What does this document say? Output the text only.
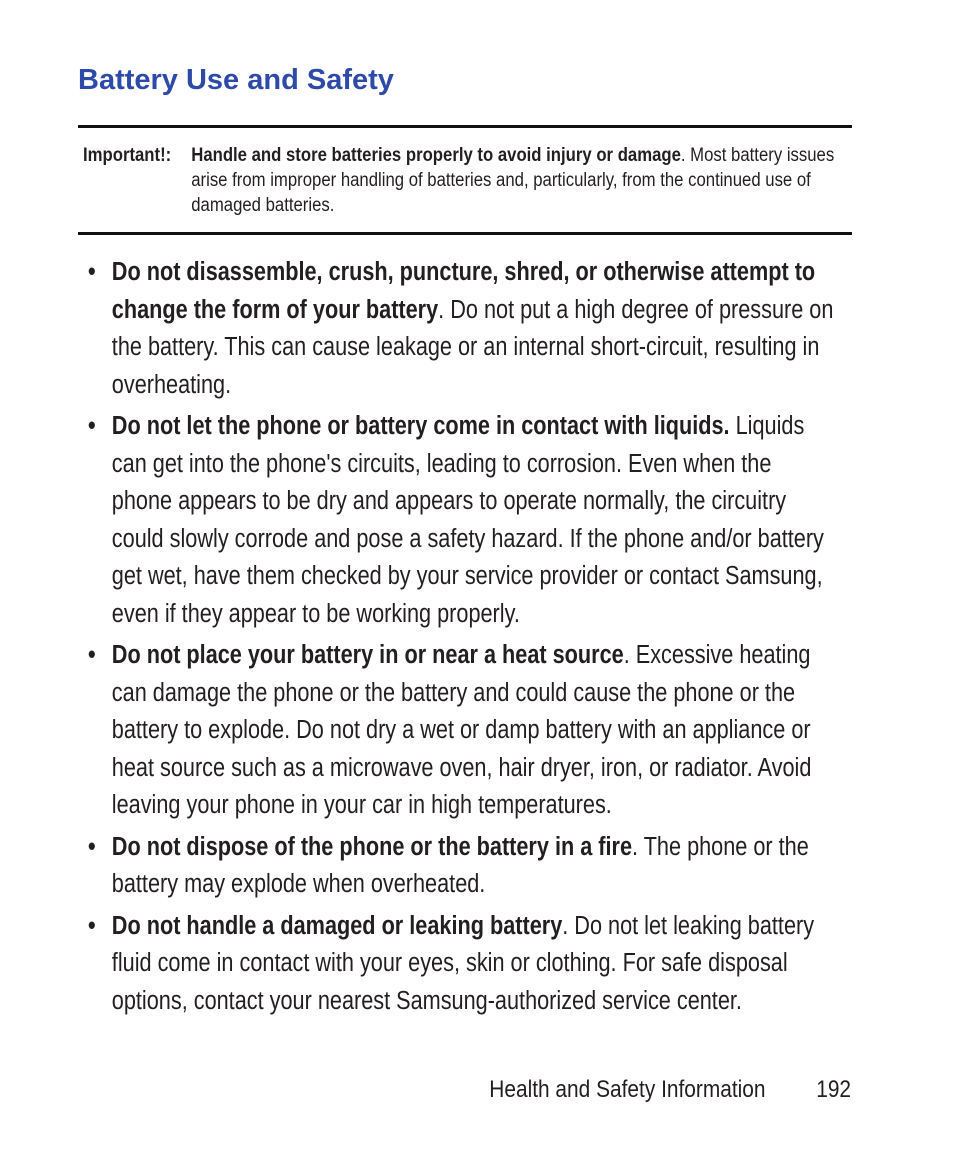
Battery Use and Safety
Important!: Handle and store batteries properly to avoid injury or damage. Most battery issues arise from improper handling of batteries and, particularly, from the continued use of damaged batteries.
• Do not disassemble, crush, puncture, shred, or otherwise attempt to change the form of your battery. Do not put a high degree of pressure on the battery. This can cause leakage or an internal short-circuit, resulting in overheating.
• Do not let the phone or battery come in contact with liquids. Liquids can get into the phone's circuits, leading to corrosion. Even when the phone appears to be dry and appears to operate normally, the circuitry could slowly corrode and pose a safety hazard. If the phone and/or battery get wet, have them checked by your service provider or contact Samsung, even if they appear to be working properly.
• Do not place your battery in or near a heat source. Excessive heating can damage the phone or the battery and could cause the phone or the battery to explode. Do not dry a wet or damp battery with an appliance or heat source such as a microwave oven, hair dryer, iron, or radiator. Avoid leaving your phone in your car in high temperatures.
• Do not dispose of the phone or the battery in a fire. The phone or the battery may explode when overheated.
• Do not handle a damaged or leaking battery. Do not let leaking battery fluid come in contact with your eyes, skin or clothing. For safe disposal options, contact your nearest Samsung-authorized service center.
Health and Safety Information 192
